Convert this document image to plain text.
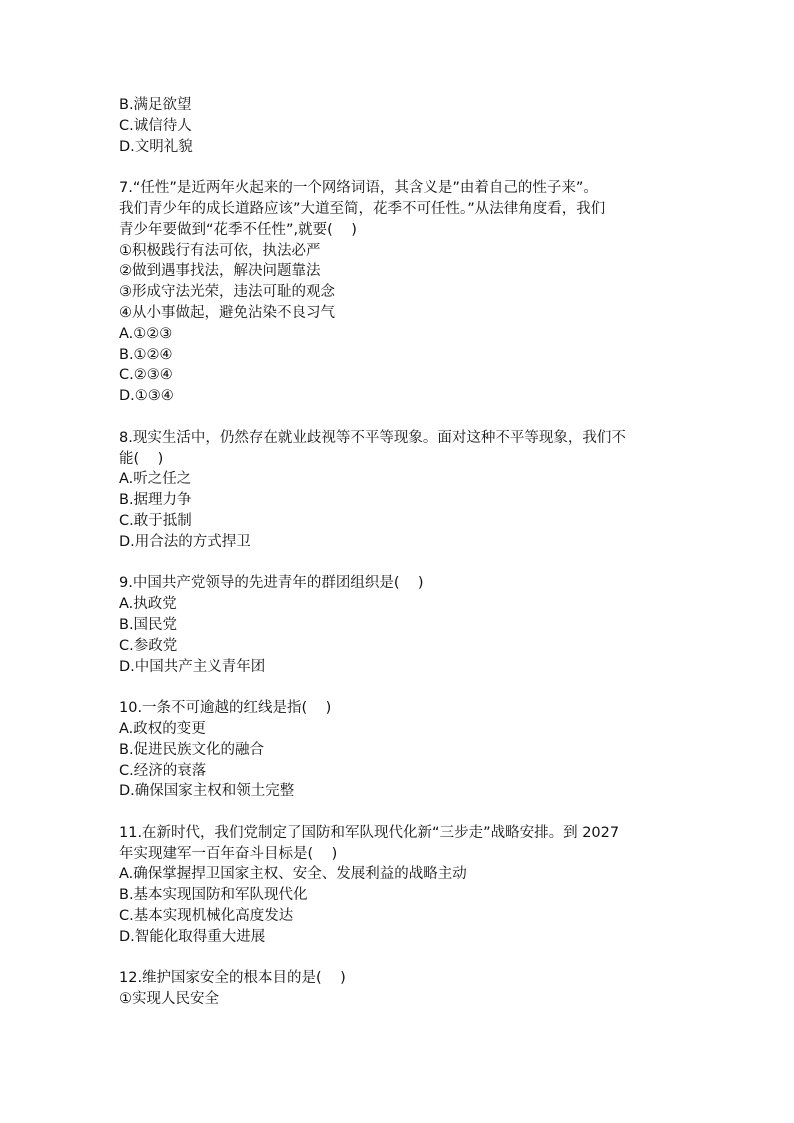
B.满足欲望
C.诚信待人
D.文明礼貌
7.“任性”是近两年火起来的一个网络词语，其含义是”由着自己的性子来”。
我们青少年的成长道路应该”大道至简，花季不可任性。”从法律角度看，我们
青少年要做到“花季不任性”,就要(    )
①积极践行有法可依，执法必严
②做到遇事找法，解决问题靠法
③形成守法光荣，违法可耻的观念
④从小事做起，避免沾染不良习气
A.①②③
B.①②④
C.②③④
D.①③④
8.现实生活中，仍然存在就业歧视等不平等现象。面对这种不平等现象，我们不
能(    )
A.听之任之
B.据理力争
C.敢于抵制
D.用合法的方式捍卫
9.中国共产党领导的先进青年的群团组织是(    )
A.执政党
B.国民党
C.参政党
D.中国共产主义青年团
10.一条不可逾越的红线是指(    )
A.政权的变更
B.促进民族文化的融合
C.经济的衰落
D.确保国家主权和领土完整
11.在新时代，我们党制定了国防和军队现代化新“三步走”战略安排。到 2027
年实现建军一百年奋斗目标是(    )
A.确保掌握捍卫国家主权、安全、发展利益的战略主动
B.基本实现国防和军队现代化
C.基本实现机械化高度发达
D.智能化取得重大进展
12.维护国家安全的根本目的是(    )
①实现人民安全
